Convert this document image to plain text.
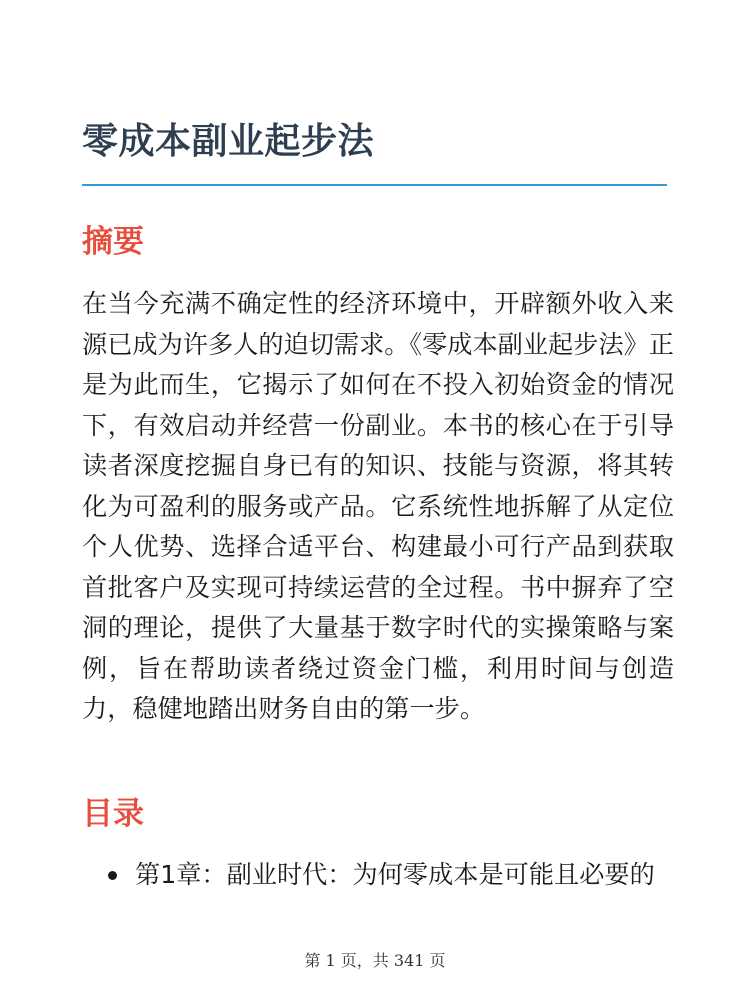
零成本副业起步法
摘要

在当今充满不确定性的经济环境中，开辟额外收入来源已成为许多人的迫切需求。《零成本副业起步法》正是为此而生，它揭示了如何在不投入初始资金的情况下，有效启动并经营一份副业。本书的核心在于引导读者深度挖掘自身已有的知识、技能与资源，将其转化为可盈利的服务或产品。它系统性地拆解了从定位个人优势、选择合适平台、构建最小可行产品到获取首批客户及实现可持续运营的全过程。书中摒弃了空洞的理论，提供了大量基于数字时代的实操策略与案例，旨在帮助读者绕过资金门槛，利用时间与创造力，稳健地踏出财务自由的第一步。

目录
第1章：副业时代：为何零成本是可能且必要的
第 1 页，共 341 页
